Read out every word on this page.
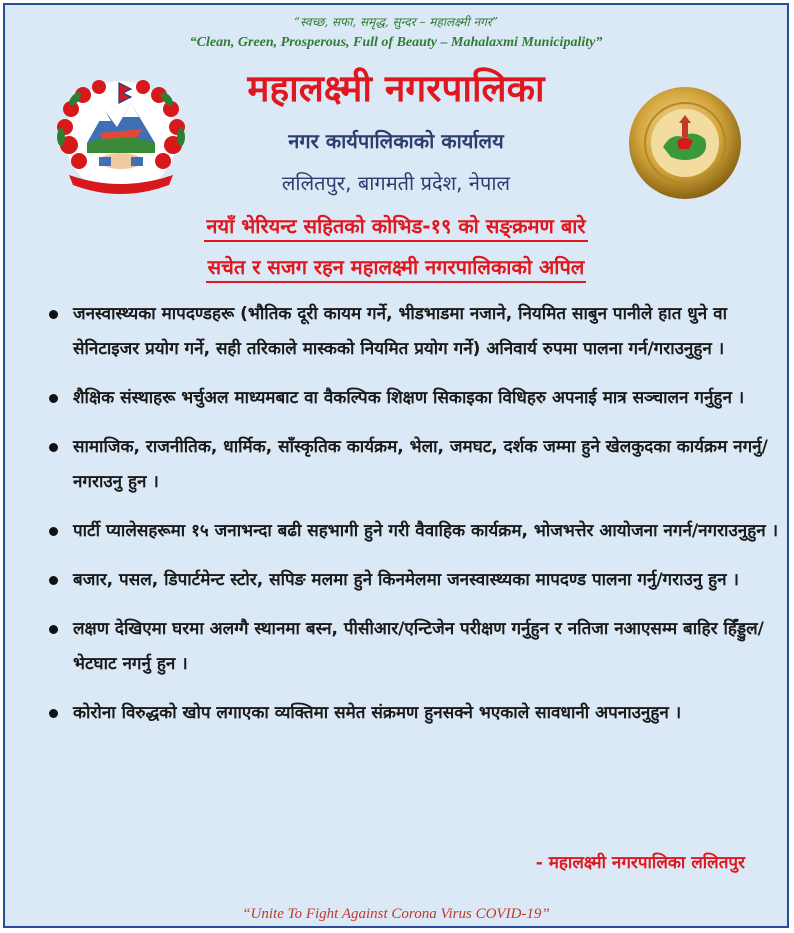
“स्वच्छ, सफा, समृद्ध, सुन्दर – महालक्ष्मी नगर”
“Clean, Green, Prosperous, Full of Beauty – Mahalaxmi Municipality”
महालक्ष्मी नगरपालिका
नगर कार्यपालिकाको कार्यालय
ललितपुर, बागमती प्रदेश, नेपाल
नयाँ भेरियन्ट सहितको कोभिड-१९ को सङ्क्रमण बारे
सचेत र सजग रहन महालक्ष्मी नगरपालिकाको अपिल
जनस्वास्थ्यका मापदण्डहरू (भौतिक दूरी कायम गर्ने, भीडभाडमा नजाने, नियमित साबुन पानीले हात धुने वा सेनिटाइजर प्रयोग गर्ने, सही तरिकाले मास्कको नियमित प्रयोग गर्ने) अनिवार्य रुपमा पालना गर्न/गराउनुहुन ।
शैक्षिक संस्थाहरू भर्चुअल माध्यमबाट वा वैकल्पिक शिक्षण सिकाइका विधिहरु अपनाई मात्र सञ्चालन गर्नुहुन ।
सामाजिक, राजनीतिक, धार्मिक, साँस्कृतिक कार्यक्रम, भेला, जमघट, दर्शक जम्मा हुने खेलकुदका कार्यक्रम नगर्नु/नगराउनु हुन ।
पार्टी प्यालेसहरूमा १५ जनाभन्दा बढी सहभागी हुने गरी वैवाहिक कार्यक्रम, भोजभत्तेर आयोजना नगर्न/नगराउनुहुन ।
बजार, पसल, डिपार्टमेन्ट स्टोर, सपिङ मलमा हुने किनमेलमा जनस्वास्थ्यका मापदण्ड पालना गर्नु/गराउनु हुन ।
लक्षण देखिएमा घरमा अलग्गै स्थानमा बस्न, पीसीआर/एन्टिजेन परीक्षण गर्नुहुन र नतिजा नआएसम्म बाहिर हिँड्डुल/भेटघाट नगर्नु हुन ।
कोरोना विरुद्धको खोप लगाएका व्यक्तिमा समेत संक्रमण हुनसक्ने भएकाले सावधानी अपनाउनुहुन ।
- महालक्ष्मी नगरपालिका ललितपुर
“Unite To Fight Against Corona Virus COVID-19”
